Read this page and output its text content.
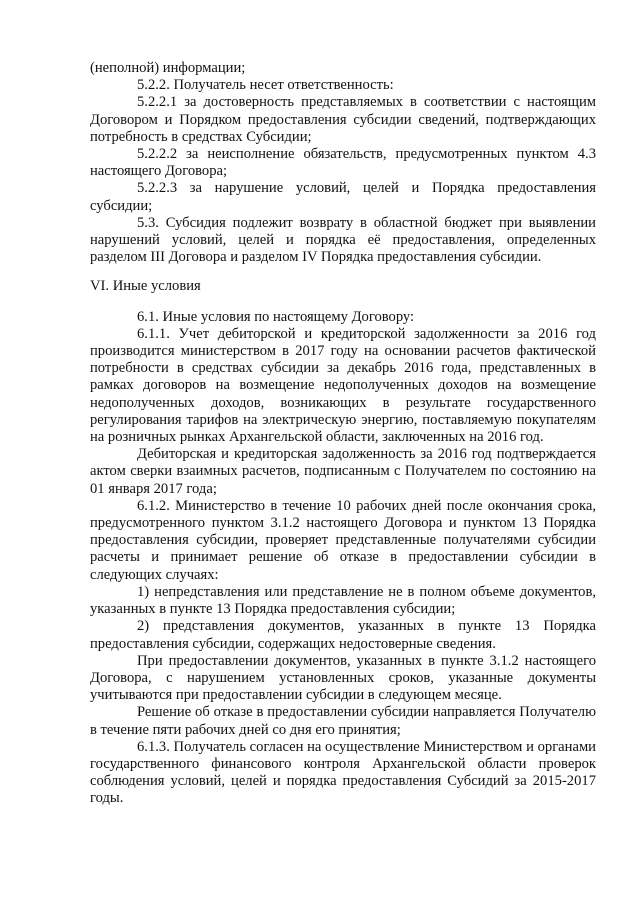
(неполной) информации;

5.2.2. Получатель несет ответственность:

5.2.2.1 за достоверность представляемых в соответствии с настоящим Договором и Порядком предоставления субсидии сведений, подтверждающих потребность в средствах Субсидии;

5.2.2.2 за неисполнение обязательств, предусмотренных пунктом 4.3 настоящего Договора;

5.2.2.3 за нарушение условий, целей и Порядка предоставления субсидии;

5.3. Субсидия подлежит возврату в областной бюджет при выявлении нарушений условий, целей и порядка её предоставления, определенных разделом III Договора и разделом IV Порядка предоставления субсидии.

VI. Иные условия

6.1. Иные условия по настоящему Договору:

6.1.1. Учет дебиторской и кредиторской задолженности за 2016 год производится министерством в 2017 году на основании расчетов фактической потребности в средствах субсидии за декабрь 2016 года, представленных в рамках договоров на возмещение недополученных доходов на возмещение недополученных доходов, возникающих в результате государственного регулирования тарифов на электрическую энергию, поставляемую покупателям на розничных рынках Архангельской области, заключенных на 2016 год.

Дебиторская и кредиторская задолженность за 2016 год подтверждается актом сверки взаимных расчетов, подписанным с Получателем по состоянию на 01 января 2017 года;

6.1.2. Министерство в течение 10 рабочих дней после окончания срока, предусмотренного пунктом 3.1.2 настоящего Договора и пунктом 13 Порядка предоставления субсидии, проверяет представленные получателями субсидии расчеты и принимает решение об отказе в предоставлении субсидии в следующих случаях:

1) непредставления или представление не в полном объеме документов, указанных в пункте 13 Порядка предоставления субсидии;

2) представления документов, указанных в пункте 13 Порядка предоставления субсидии, содержащих недостоверные сведения.

При предоставлении документов, указанных в пункте 3.1.2 настоящего Договора, с нарушением установленных сроков, указанные документы учитываются при предоставлении субсидии в следующем месяце.

Решение об отказе в предоставлении субсидии направляется Получателю в течение пяти рабочих дней со дня его принятия;

6.1.3. Получатель согласен на осуществление Министерством и органами государственного финансового контроля Архангельской области проверок соблюдения условий, целей и порядка предоставления Субсидий за 2015-2017 годы.
